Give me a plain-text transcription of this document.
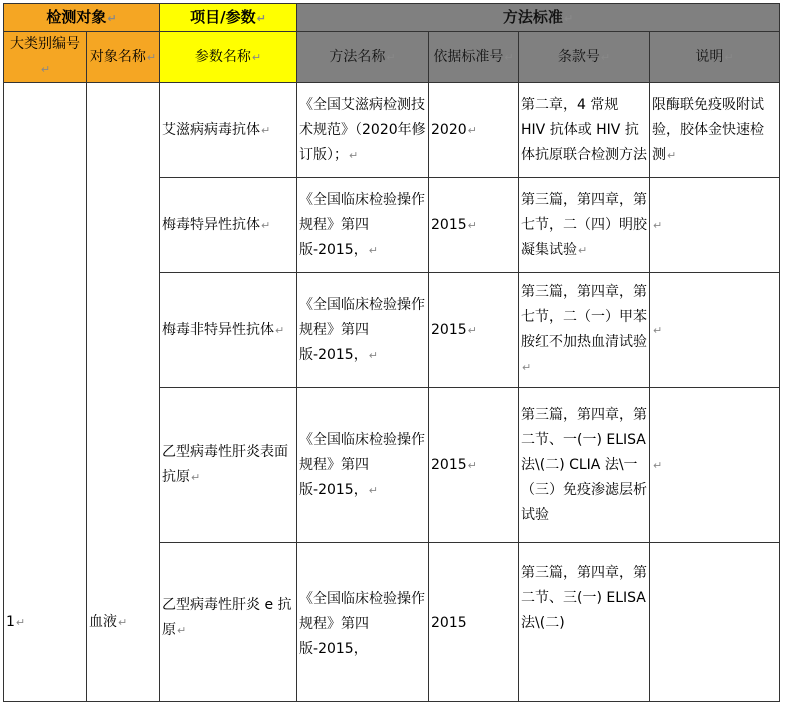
检测对象↵		项目/参数↵	方法标准↵			
大类别编号↵	对象名称↵	参数名称↵	方法名称↵	依据标准号↵	条款号↵	说明↵
1↵	血液↵	艾滋病病毒抗体↵	《全国艾滋病检测技术规范》（2020年修订版）；↵	2020↵	第二章，4 常规 HIV 抗体或 HIV 抗体抗原联合检测方法	限酶联免疫吸附试验，胶体金快速检测↵
		梅毒特异性抗体↵	《全国临床检验操作规程》第四版-2015，↵	2015↵	第三篇，第四章，第七节，二（四）明胶凝集试验↵	↵
		梅毒非特异性抗体↵	《全国临床检验操作规程》第四版-2015，↵	2015↵	第三篇，第四章，第七节，二（一）甲苯胺红不加热血清试验↵	↵
		乙型病毒性肝炎表面抗原↵	《全国临床检验操作规程》第四版-2015，↵	2015↵	第三篇，第四章，第二节、一(一) ELISA 法\(二) CLIA 法\一（三）免疫渗滤层析试验	↵
		乙型病毒性肝炎 e 抗原↵	《全国临床检验操作规程》第四版-2015，	2015	第三篇，第四章，第二节、三(一) ELISA 法\(二)	
